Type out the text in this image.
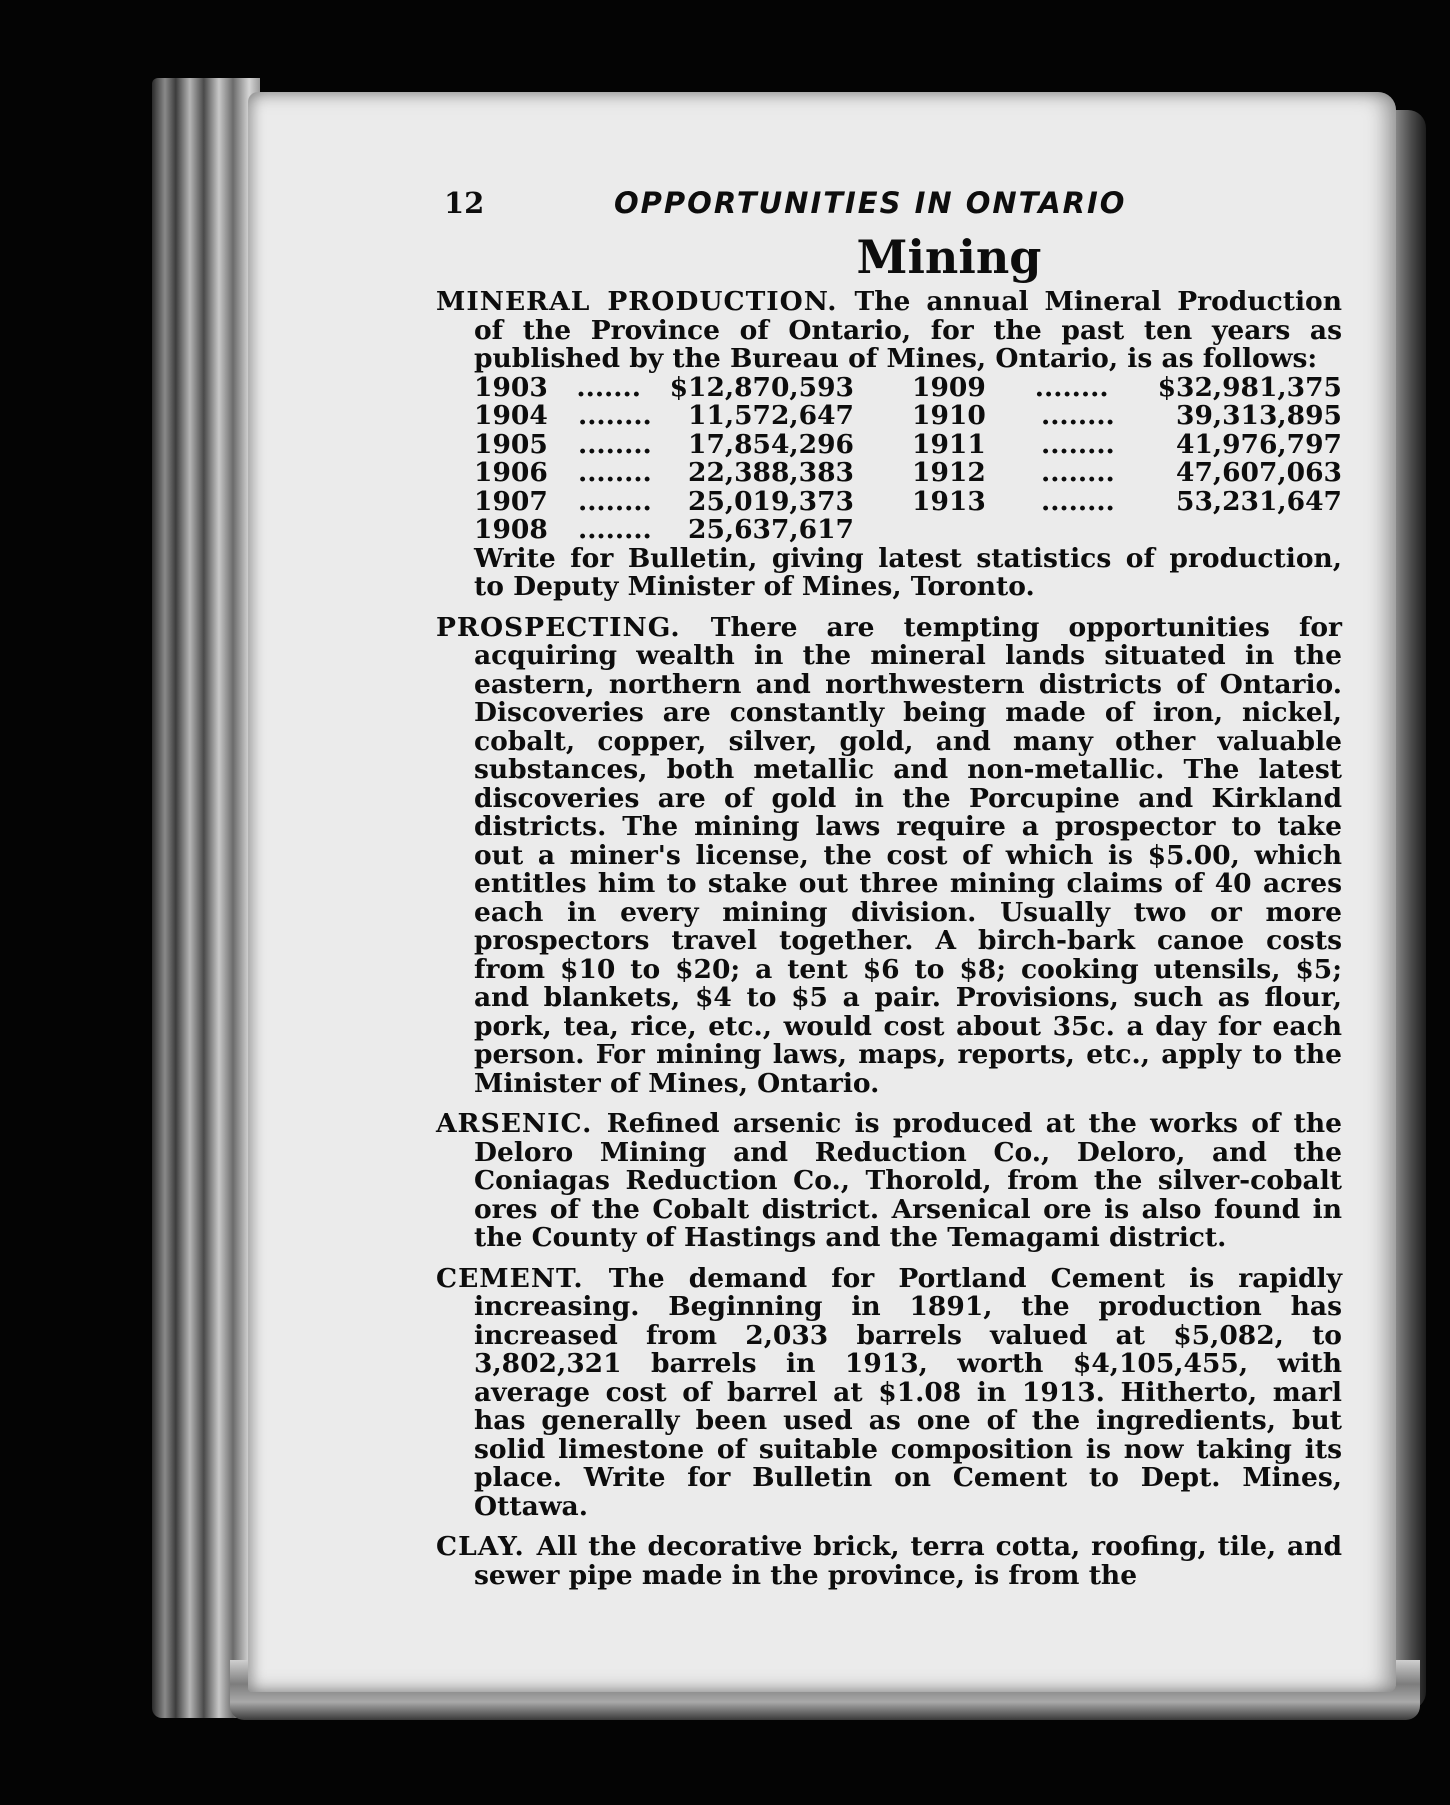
12	OPPORTUNITIES IN ONTARIO
Mining
MINERAL PRODUCTION. The annual Mineral Production of the Province of Ontario, for the past ten years as published by the Bureau of Mines, Ontario, is as follows:
1903 ....... $12,870,593
1904 ........ 11,572,647
1905 ........ 17,854,296
1906 ........ 22,388,383
1907 ........ 25,019,373
1908 ........ 25,637,617
1909 ........ $32,981,375
1910 ........ 39,313,895
1911 ........ 41,976,797
1912 ........ 47,607,063
1913 ........ 53,231,647
Write for Bulletin, giving latest statistics of production, to Deputy Minister of Mines, Toronto.
PROSPECTING. There are tempting opportunities for acquiring wealth in the mineral lands situated in the eastern, northern and northwestern districts of Ontario. Discoveries are constantly being made of iron, nickel, cobalt, copper, silver, gold, and many other valuable substances, both metallic and non-metallic. The latest discoveries are of gold in the Porcupine and Kirkland districts. The mining laws require a prospector to take out a miner's license, the cost of which is $5.00, which entitles him to stake out three mining claims of 40 acres each in every mining division. Usually two or more prospectors travel together. A birch-bark canoe costs from $10 to $20; a tent $6 to $8; cooking utensils, $5; and blankets, $4 to $5 a pair. Provisions, such as flour, pork, tea, rice, etc., would cost about 35c. a day for each person. For mining laws, maps, reports, etc., apply to the Minister of Mines, Ontario.
ARSENIC. Refined arsenic is produced at the works of the Deloro Mining and Reduction Co., Deloro, and the Coniagas Reduction Co., Thorold, from the silver-cobalt ores of the Cobalt district. Arsenical ore is also found in the County of Hastings and the Temagami district.
CEMENT. The demand for Portland Cement is rapidly increasing. Beginning in 1891, the production has increased from 2,033 barrels valued at $5,082, to 3,802,321 barrels in 1913, worth $4,105,455, with average cost of barrel at $1.08 in 1913. Hitherto, marl has generally been used as one of the ingredients, but solid limestone of suitable composition is now taking its place. Write for Bulletin on Cement to Dept. Mines, Ottawa.
CLAY. All the decorative brick, terra cotta, roofing, tile, and sewer pipe made in the province, is from the
